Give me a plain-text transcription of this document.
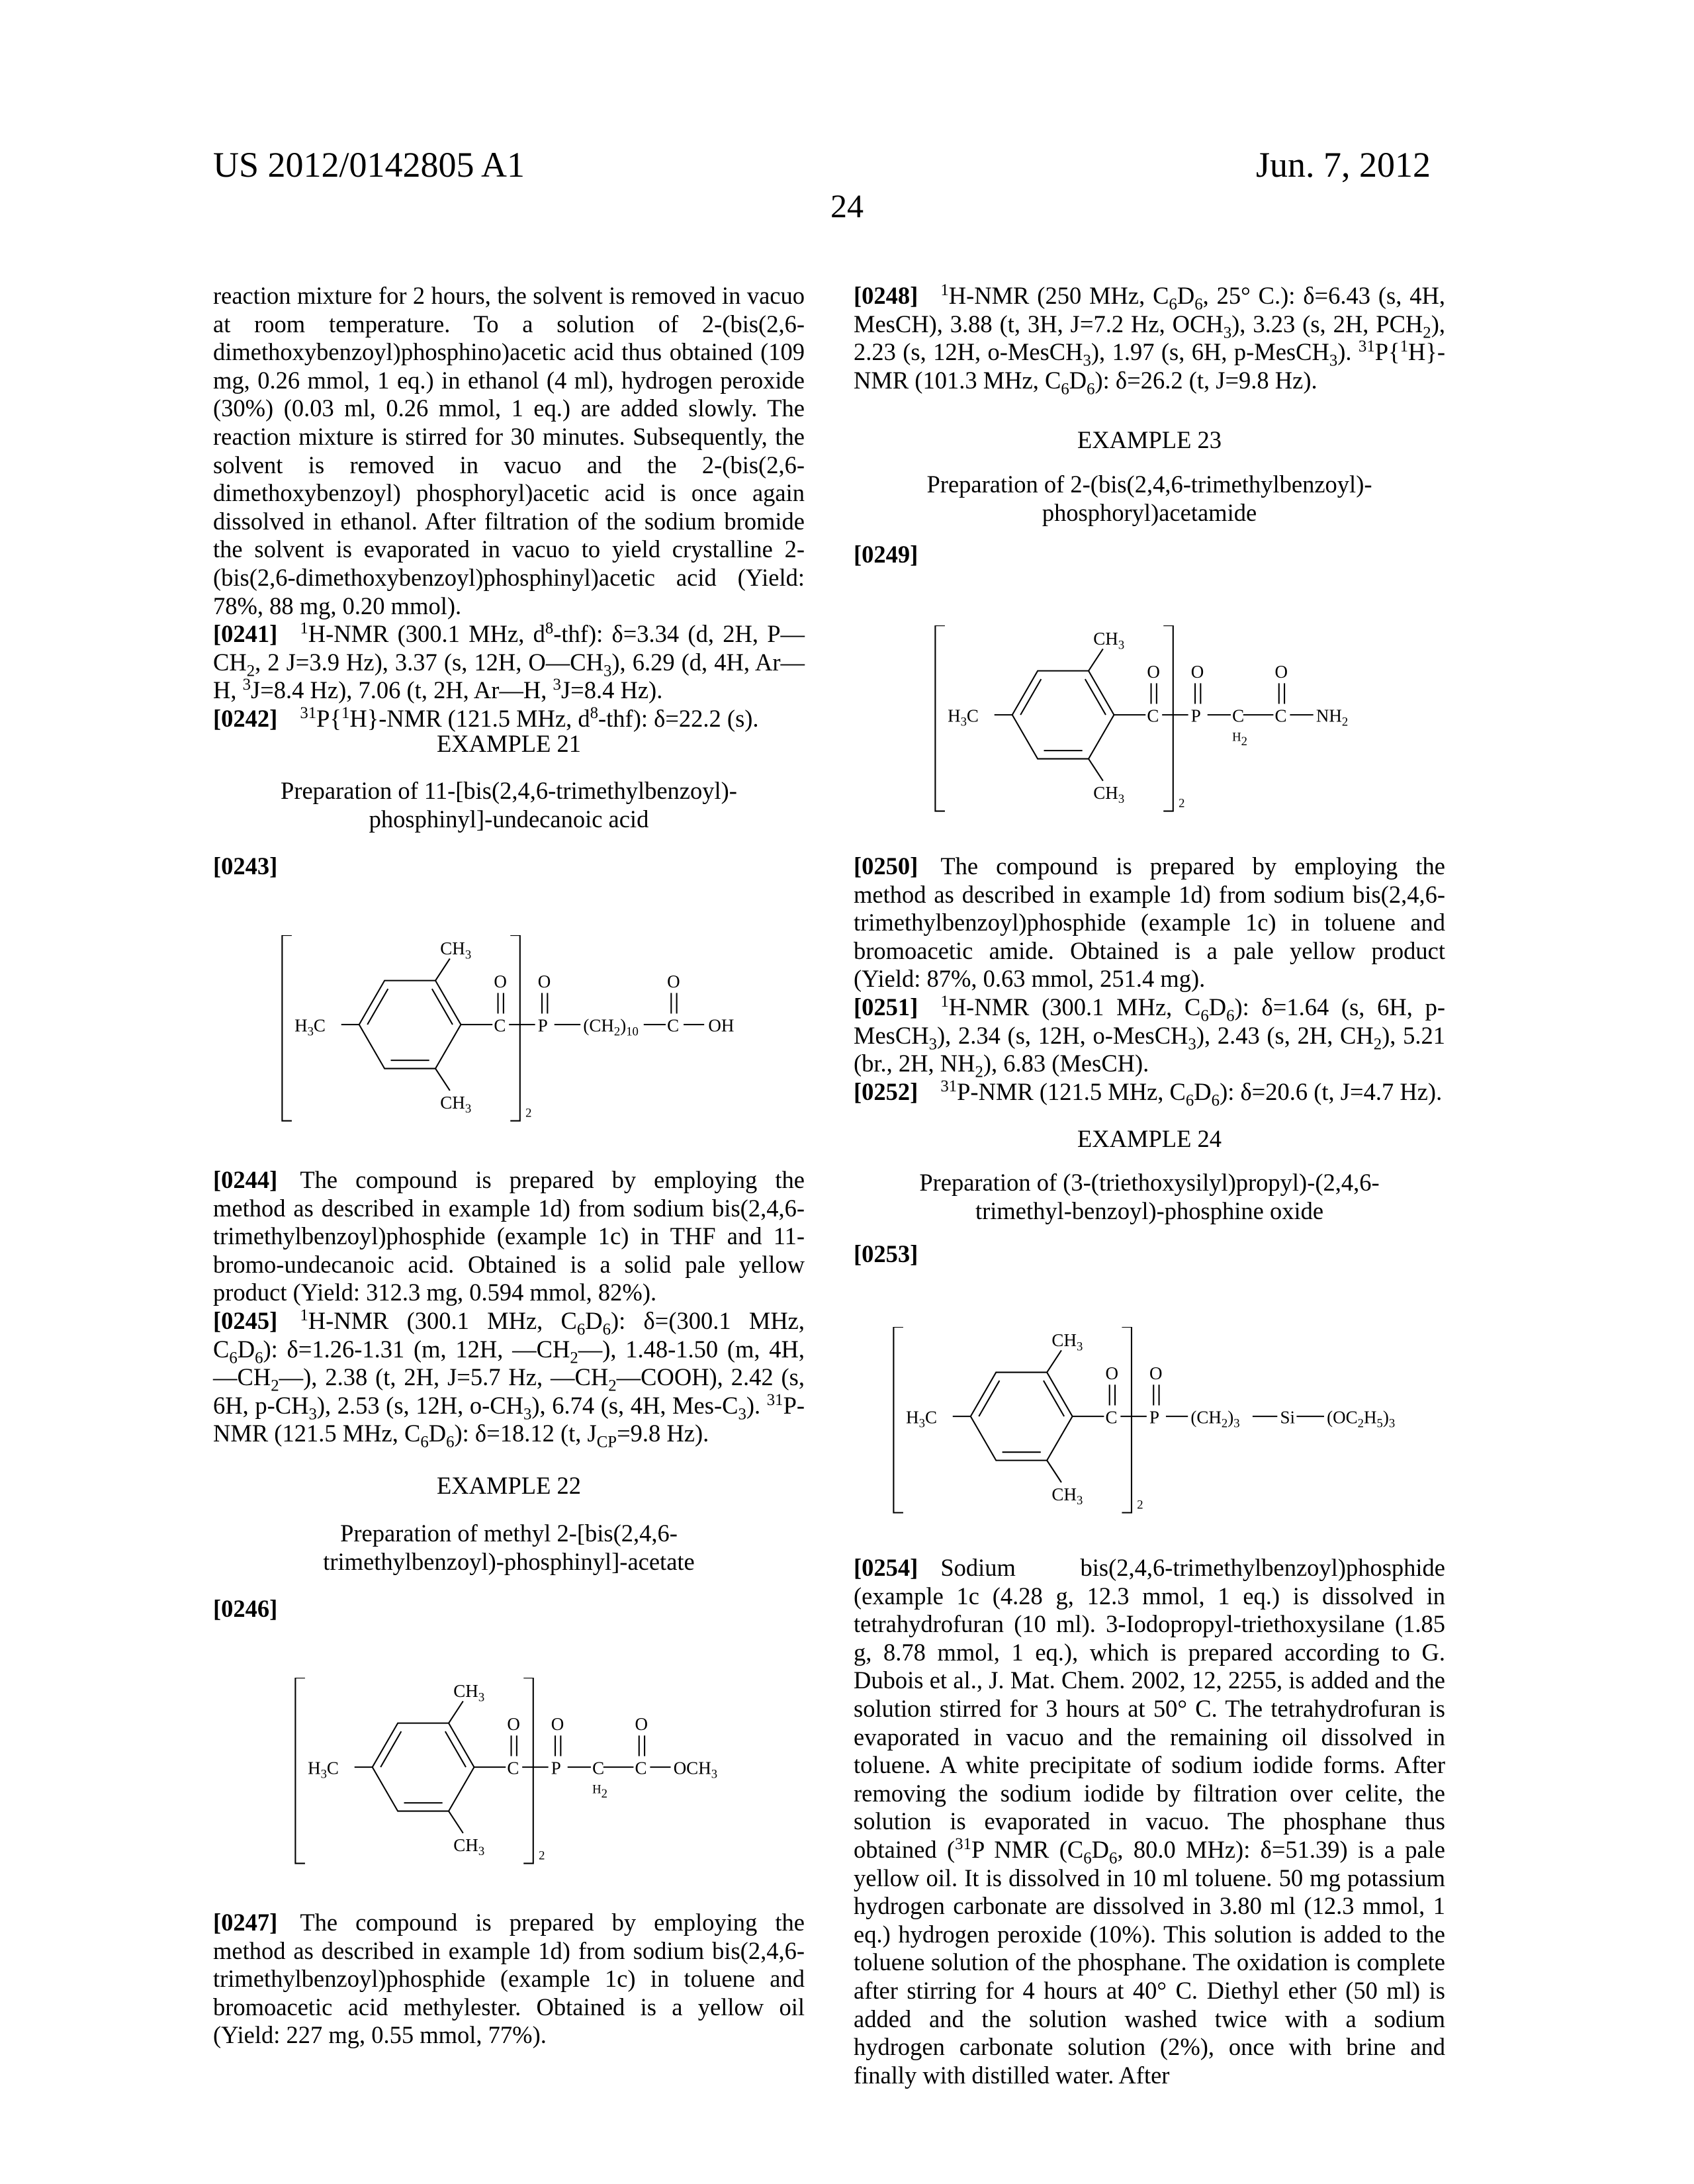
US 2012/0142805 A1
24
Jun. 7, 2012

reaction mixture for 2 hours, the solvent is removed in vacuo at room temperature. To a solution of 2-(bis(2,6-dimethoxybenzoyl)phosphino)acetic acid thus obtained (109 mg, 0.26 mmol, 1 eq.) in ethanol (4 ml), hydrogen peroxide (30%) (0.03 ml, 0.26 mmol, 1 eq.) are added slowly. The reaction mixture is stirred for 30 minutes. Subsequently, the solvent is removed in vacuo and the 2-(bis(2,6-dimethoxybenzoyl) phosphoryl)acetic acid is once again dissolved in ethanol. After filtration of the sodium bromide the solvent is evaporated in vacuo to yield crystalline 2-(bis(2,6-dimethoxybenzoyl)phosphinyl)acetic acid (Yield: 78%, 88 mg, 0.20 mmol).

[0241] 1H-NMR (300.1 MHz, d8-thf): δ=3.34 (d, 2H, P—CH2, 2 J=3.9 Hz), 3.37 (s, 12H, O—CH3), 6.29 (d, 4H, Ar—H, 3J=8.4 Hz), 7.06 (t, 2H, Ar—H, 3J=8.4 Hz).

[0242] 31P{1H}-NMR (121.5 MHz, d8-thf): δ=22.2 (s).

EXAMPLE 21
Preparation of 11-[bis(2,4,6-trimethylbenzoyl)-phosphinyl]-undecanoic acid
[0243]
H3C
CH3
CH3
O
C
2
O
P	(CH2)10
O
C	OH

[0244] The compound is prepared by employing the method as described in example 1d) from sodium bis(2,4,6-trimethylbenzoyl)phosphide (example 1c) in THF and 11-bromo-undecanoic acid. Obtained is a solid pale yellow product (Yield: 312.3 mg, 0.594 mmol, 82%).

[0245] 1H-NMR (300.1 MHz, C6D6): δ=(300.1 MHz, C6D6): δ=1.26-1.31 (m, 12H, —CH2—), 1.48-1.50 (m, 4H, —CH2—), 2.38 (t, 2H, J=5.7 Hz, —CH2—COOH), 2.42 (s, 6H, p-CH3), 2.53 (s, 12H, o-CH3), 6.74 (s, 4H, Mes-C3). 31P-NMR (121.5 MHz, C6D6): δ=18.12 (t, JCP=9.8 Hz).

EXAMPLE 22
Preparation of methyl 2-[bis(2,4,6-trimethylbenzoyl)-phosphinyl]-acetate
[0246]
H3C
CH3
CH3
O
C
2
O
P	C
H2
O
C	OCH3

[0247] The compound is prepared by employing the method as described in example 1d) from sodium bis(2,4,6-trimethylbenzoyl)phosphide (example 1c) in toluene and bromoacetic acid methylester. Obtained is a yellow oil (Yield: 227 mg, 0.55 mmol, 77%).

[0248] 1H-NMR (250 MHz, C6D6, 25° C.): δ=6.43 (s, 4H, MesCH), 3.88 (t, 3H, J=7.2 Hz, OCH3), 3.23 (s, 2H, PCH2), 2.23 (s, 12H, o-MesCH3), 1.97 (s, 6H, p-MesCH3). 31P{1H}-NMR (101.3 MHz, C6D6): δ=26.2 (t, J=9.8 Hz).

EXAMPLE 23
Preparation of 2-(bis(2,4,6-trimethylbenzoyl)-phosphoryl)acetamide
[0249]
H3C
CH3
CH3
O
C
2
O
P	C
H2
O
C	NH2

[0250] The compound is prepared by employing the method as described in example 1d) from sodium bis(2,4,6-trimethylbenzoyl)phosphide (example 1c) in toluene and bromoacetic amide. Obtained is a pale yellow product (Yield: 87%, 0.63 mmol, 251.4 mg).

[0251] 1H-NMR (300.1 MHz, C6D6): δ=1.64 (s, 6H, p-MesCH3), 2.34 (s, 12H, o-MesCH3), 2.43 (s, 2H, CH2), 5.21 (br., 2H, NH2), 6.83 (MesCH).

[0252] 31P-NMR (121.5 MHz, C6D6): δ=20.6 (t, J=4.7 Hz).

EXAMPLE 24
Preparation of (3-(triethoxysilyl)propyl)-(2,4,6-trimethyl-benzoyl)-phosphine oxide
[0253]
H3C
CH3
CH3
O
C
2
O
P	(CH2)3	Si	(OC2H5)3

[0254] Sodium bis(2,4,6-trimethylbenzoyl)phosphide (example 1c (4.28 g, 12.3 mmol, 1 eq.) is dissolved in tetrahydrofuran (10 ml). 3-Iodopropyl-triethoxysilane (1.85 g, 8.78 mmol, 1 eq.), which is prepared according to G. Dubois et al., J. Mat. Chem. 2002, 12, 2255, is added and the solution stirred for 3 hours at 50° C. The tetrahydrofuran is evaporated in vacuo and the remaining oil dissolved in toluene. A white precipitate of sodium iodide forms. After removing the sodium iodide by filtration over celite, the solution is evaporated in vacuo. The phosphane thus obtained (31P NMR (C6D6, 80.0 MHz): δ=51.39) is a pale yellow oil. It is dissolved in 10 ml toluene. 50 mg potassium hydrogen carbonate are dissolved in 3.80 ml (12.3 mmol, 1 eq.) hydrogen peroxide (10%). This solution is added to the toluene solution of the phosphane. The oxidation is complete after stirring for 4 hours at 40° C. Diethyl ether (50 ml) is added and the solution washed twice with a sodium hydrogen carbonate solution (2%), once with brine and finally with distilled water. After
